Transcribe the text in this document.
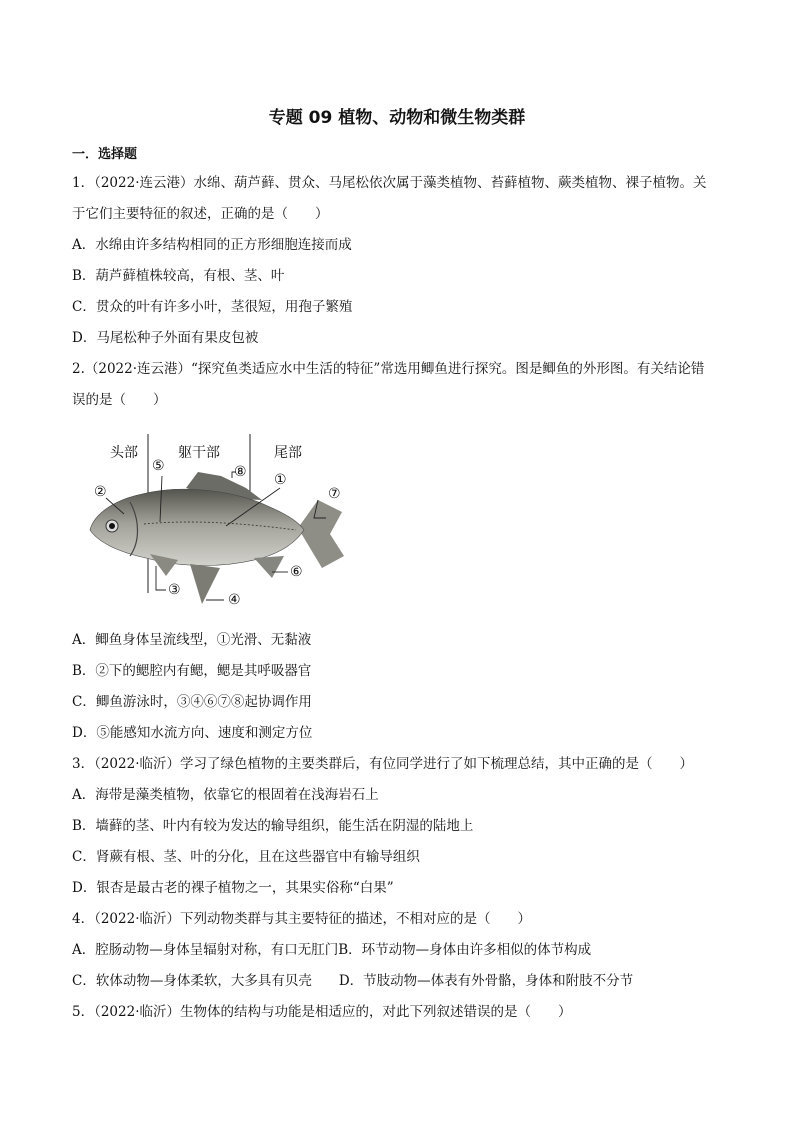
专题 09 植物、动物和微生物类群
一．选择题
1．（2022·连云港）水绵、葫芦藓、贯众、马尾松依次属于藻类植物、苔藓植物、蕨类植物、裸子植物。关
于它们主要特征的叙述，正确的是（　　）
A．水绵由许多结构相同的正方形细胞连接而成
B．葫芦藓植株较高，有根、茎、叶
C．贯众的叶有许多小叶，茎很短，用孢子繁殖
D．马尾松种子外面有果皮包被
2.（2022·连云港）“探究鱼类适应水中生活的特征”常选用鲫鱼进行探究。图是鲫鱼的外形图。有关结论错
误的是（　　）
头部	躯干部	尾部
⑤	⑧ ①
②	⑦
⑥
③
④
A．鲫鱼身体呈流线型，①光滑、无黏液
B．②下的鳃腔内有鳃，鳃是其呼吸器官
C．鲫鱼游泳时，③④⑥⑦⑧起协调作用
D．⑤能感知水流方向、速度和测定方位
3．（2022·临沂）学习了绿色植物的主要类群后，有位同学进行了如下梳理总结，其中正确的是（　　）
A．海带是藻类植物，依靠它的根固着在浅海岩石上
B．墙藓的茎、叶内有较为发达的输导组织，能生活在阴湿的陆地上
C．肾蕨有根、茎、叶的分化，且在这些器官中有输导组织
D．银杏是最古老的裸子植物之一，其果实俗称“白果”
4．（2022·临沂）下列动物类群与其主要特征的描述，不相对应的是（　　）
A．腔肠动物—身体呈辐射对称，有口无肛门B．环节动物—身体由许多相似的体节构成
C．软体动物—身体柔软，大多具有贝壳　　D．节肢动物—体表有外骨骼，身体和附肢不分节
5．（2022·临沂）生物体的结构与功能是相适应的，对此下列叙述错误的是（　　）
